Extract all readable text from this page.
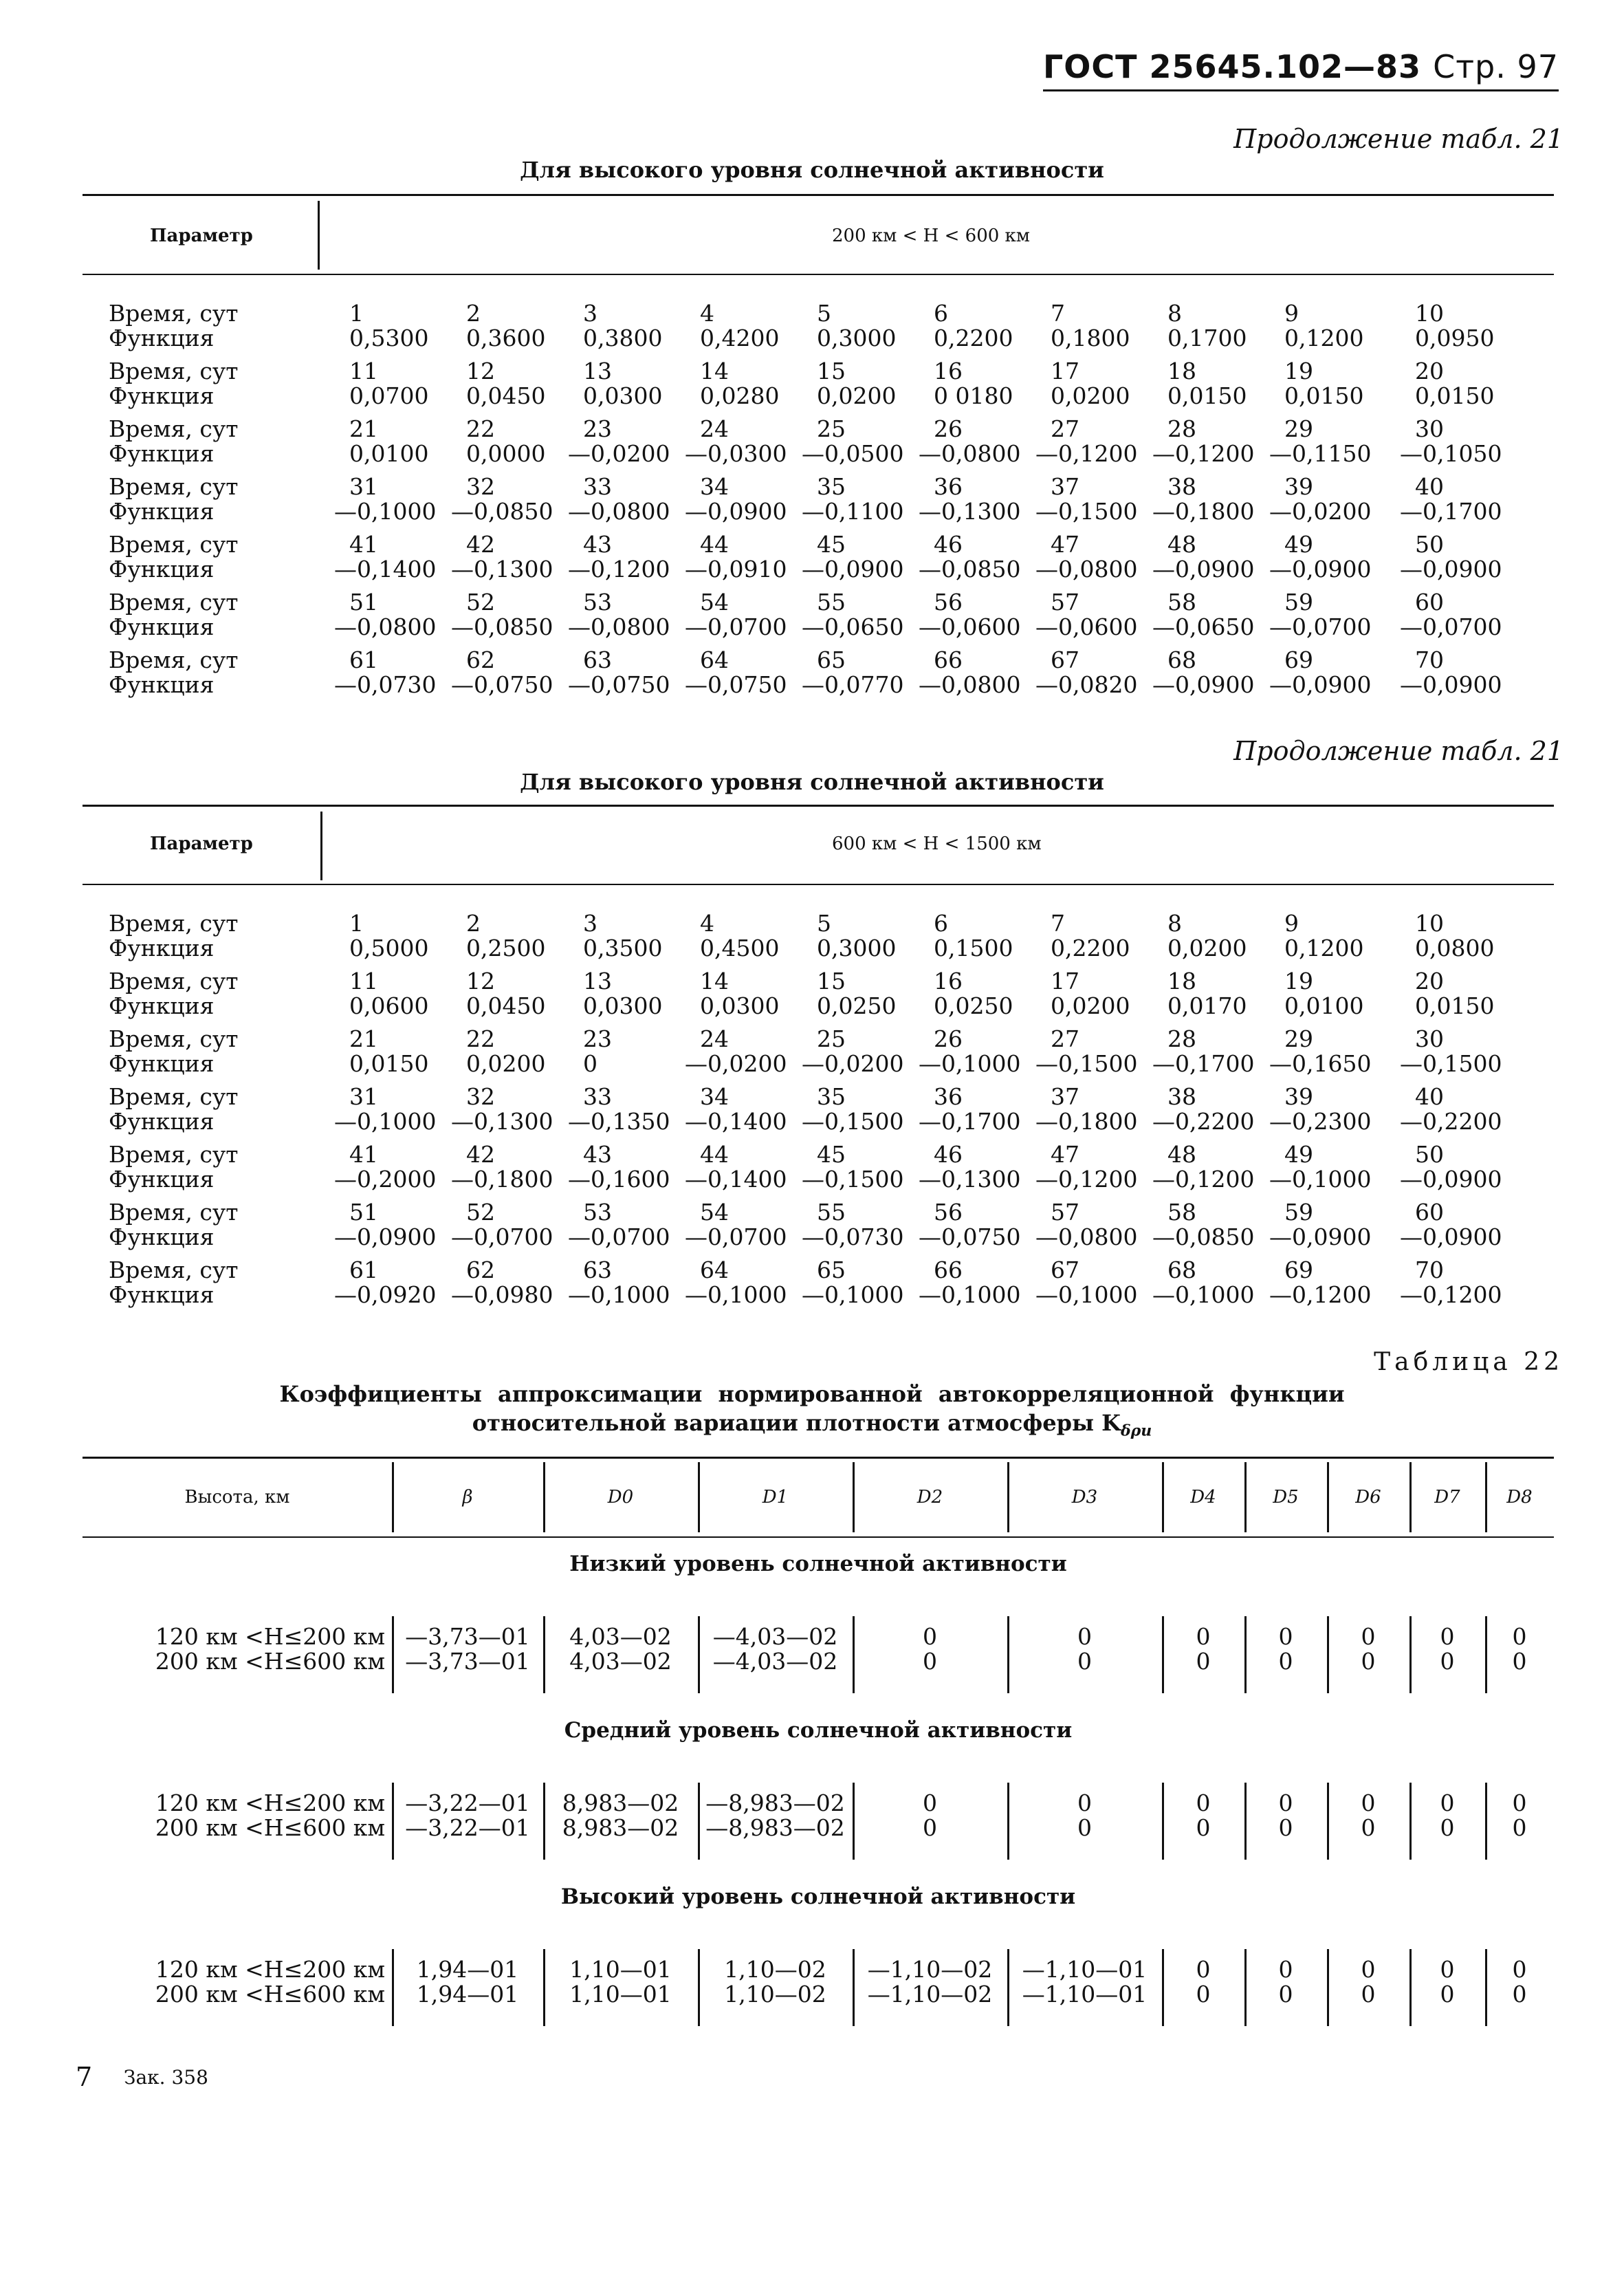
ГОСТ 25645.102—83 Стр. 97
Продолжение табл. 21
Для высокого уровня солнечной активности
Параметр	200 км < H < 600 км
Время, сут	1	2	3	4	5	6	7	8	9	10
Функция	0,5300	0,3600	0,3800	0,4200	0,3000	0,2200	0,1800	0,1700	0,1200	0,0950

Время, сут	11	12	13	14	15	16	17	18	19	20
Функция	0,0700	0,0450	0,0300	0,0280	0,0200	0 0180	0,0200	0,0150	0,0150	0,0150

Время, сут	21	22	23	24	25	26	27	28	29	30
Функция	0,0100	0,0000	—0,0200	—0,0300	—0,0500	—0,0800	—0,1200	—0,1200	—0,1150	—0,1050

Время, сут	31	32	33	34	35	36	37	38	39	40
Функция	—0,1000	—0,0850	—0,0800	—0,0900	—0,1100	—0,1300	—0,1500	—0,1800	—0,0200	—0,1700

Время, сут	41	42	43	44	45	46	47	48	49	50
Функция	—0,1400	—0,1300	—0,1200	—0,0910	—0,0900	—0,0850	—0,0800	—0,0900	—0,0900	—0,0900

Время, сут	51	52	53	54	55	56	57	58	59	60
Функция	—0,0800	—0,0850	—0,0800	—0,0700	—0,0650	—0,0600	—0,0600	—0,0650	—0,0700	—0,0700

Время, сут	61	62	63	64	65	66	67	68	69	70
Функция	—0,0730	—0,0750	—0,0750	—0,0750	—0,0770	—0,0800	—0,0820	—0,0900	—0,0900	—0,0900

Продолжение табл. 21
Для высокого уровня солнечной активности
Параметр	600 км < H < 1500 км
Время, сут	1	2	3	4	5	6	7	8	9	10
Функция	0,5000	0,2500	0,3500	0,4500	0,3000	0,1500	0,2200	0,0200	0,1200	0,0800

Время, сут	11	12	13	14	15	16	17	18	19	20
Функция	0,0600	0,0450	0,0300	0,0300	0,0250	0,0250	0,0200	0,0170	0,0100	0,0150

Время, сут	21	22	23	24	25	26	27	28	29	30
Функция	0,0150	0,0200	0	—0,0200	—0,0200	—0,1000	—0,1500	—0,1700	—0,1650	—0,1500

Время, сут	31	32	33	34	35	36	37	38	39	40
Функция	—0,1000	—0,1300	—0,1350	—0,1400	—0,1500	—0,1700	—0,1800	—0,2200	—0,2300	—0,2200

Время, сут	41	42	43	44	45	46	47	48	49	50
Функция	—0,2000	—0,1800	—0,1600	—0,1400	—0,1500	—0,1300	—0,1200	—0,1200	—0,1000	—0,0900

Время, сут	51	52	53	54	55	56	57	58	59	60
Функция	—0,0900	—0,0700	—0,0700	—0,0700	—0,0730	—0,0750	—0,0800	—0,0850	—0,0900	—0,0900

Время, сут	61	62	63	64	65	66	67	68	69	70
Функция	—0,0920	—0,0980	—0,1000	—0,1000	—0,1000	—0,1000	—0,1000	—0,1000	—0,1200	—0,1200

Таблица 22
Коэффициенты аппроксимации нормированной автокорреляционной функции
относительной вариации плотности атмосферы $K_{\delta\rho и}$
Высота, км	β	D0	D1	D2	D3	D4	D5	D6	D7	D8
Низкий уровень солнечной активности
120 км <H≤200 км —3,73—01	4,03—02	—4,03—02	0	0	0	0	0	0	0
200 км <H≤600 км —3,73—01	4,03—02	—4,03—02	0	0	0	0	0	0	0
Средний уровень солнечной активности
120 км <H≤200 км —3,22—01	8,983—02	—8,983—02	0	0	0	0	0	0	0
200 км <H≤600 км —3,22—01	8,983—02	—8,983—02	0	0	0	0	0	0	0
Высокий уровень солнечной активности
120 км <H≤200 км	1,94—01	1,10—01	1,10—02	—1,10—02	—1,10—01	0	0	0	0	0
200 км <H≤600 км	1,94—01	1,10—01	1,10—02	—1,10—02	—1,10—01	0	0	0	0	0
7 Зак. 358
